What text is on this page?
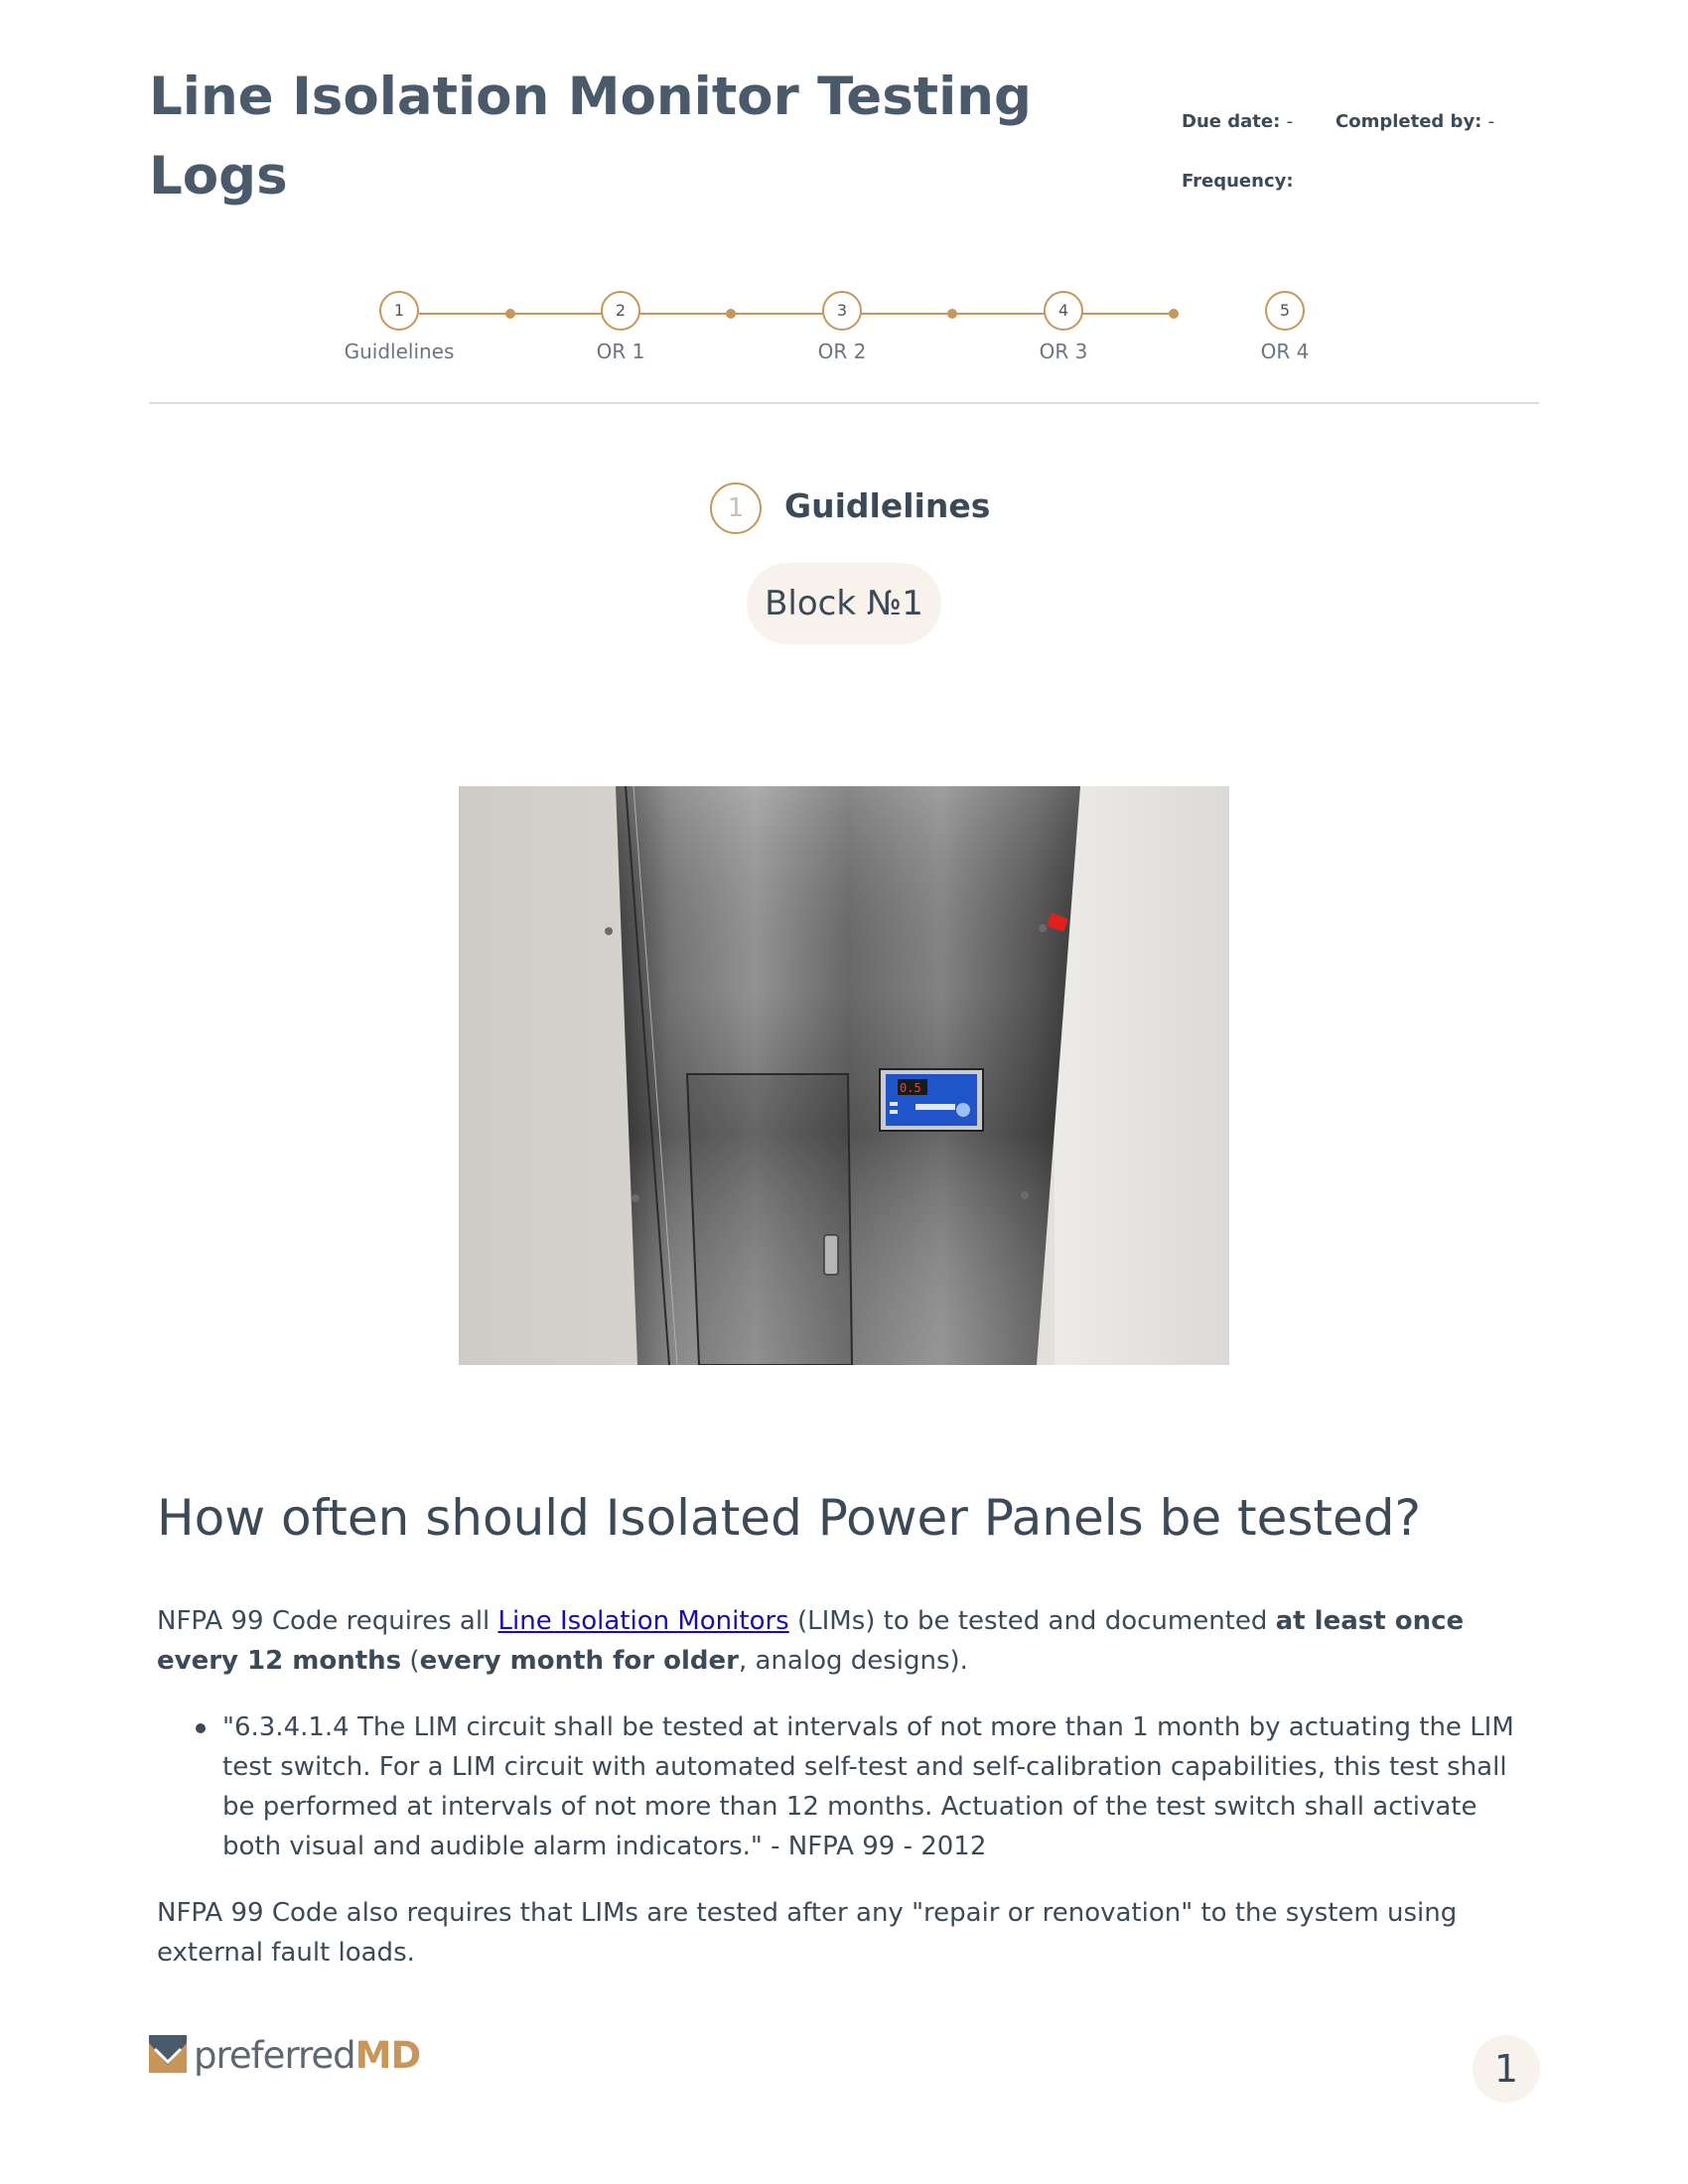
Line Isolation Monitor Testing Logs
Due date: - Completed by: -
Frequency:
1	2	3	4	5
Guidlelines	OR 1	OR 2	OR 3	OR 4
1	Guidlelines
Block №1
0.5
How often should Isolated Power Panels be tested?
NFPA 99 Code requires all Line Isolation Monitors (LIMs) to be tested and documented at least once every 12 months (every month for older, analog designs).
"6.3.4.1.4 The LIM circuit shall be tested at intervals of not more than 1 month by actuating the LIM test switch. For a LIM circuit with automated self-test and self-calibration capabilities, this test shall be performed at intervals of not more than 12 months. Actuation of the test switch shall activate both visual and audible alarm indicators." - NFPA 99 - 2012
NFPA 99 Code also requires that LIMs are tested after any "repair or renovation" to the system using external fault loads.
preferredMD	1
